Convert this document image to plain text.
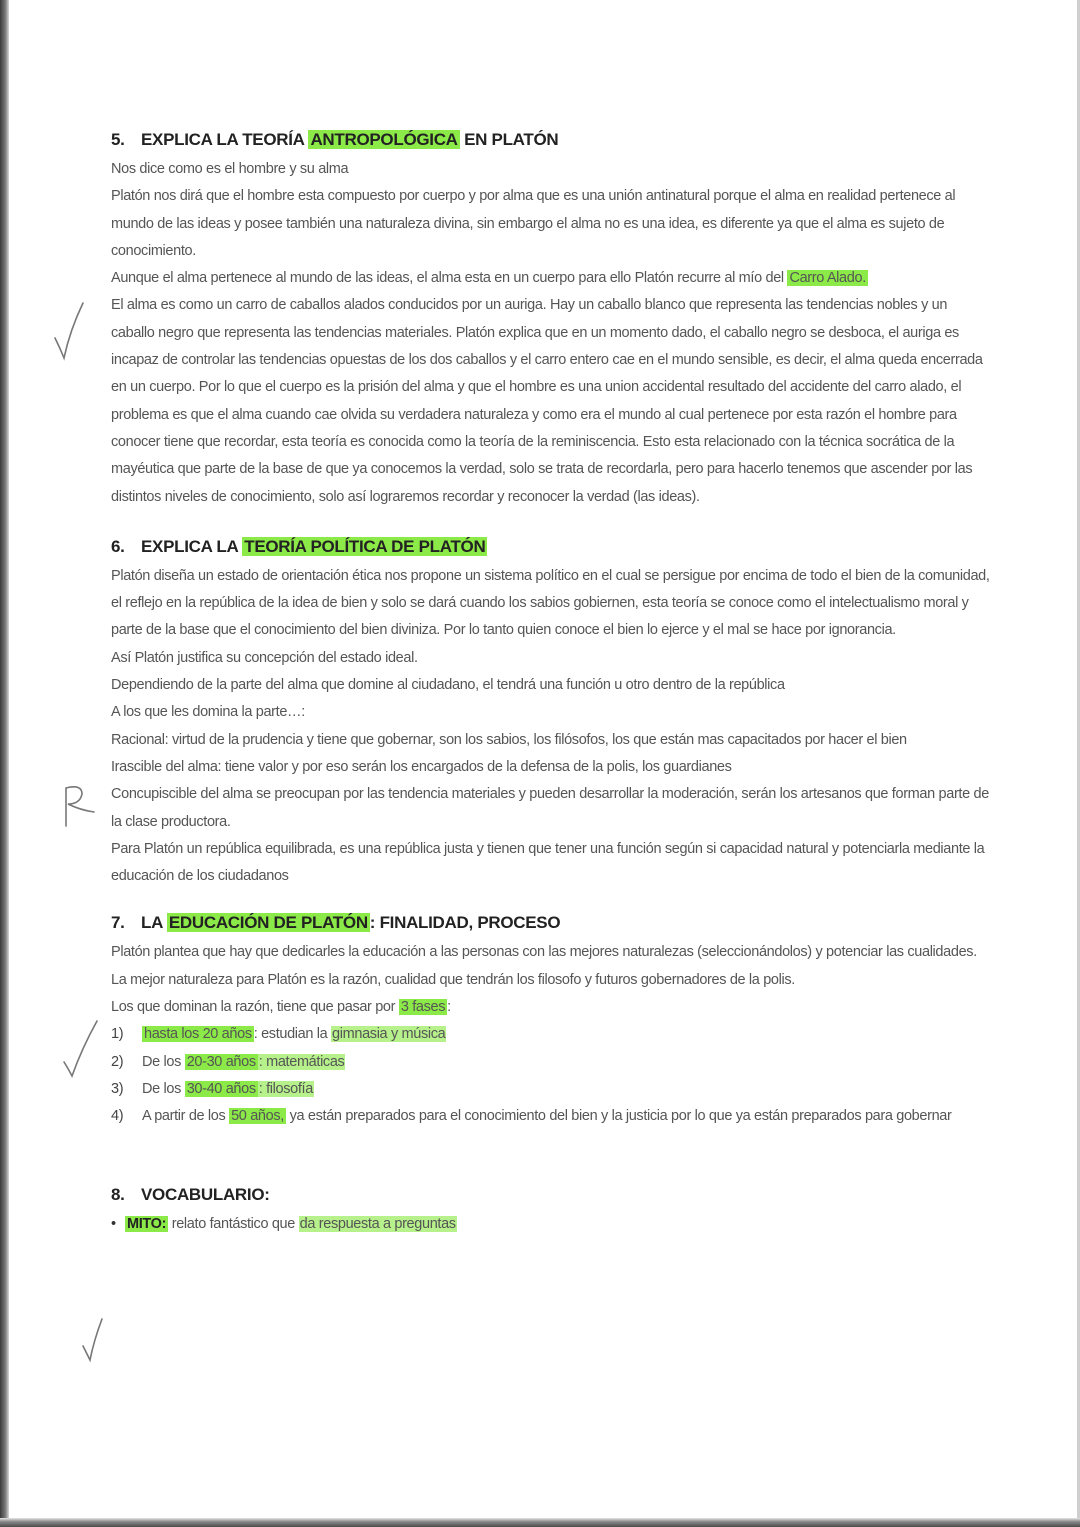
5. EXPLICA LA TEORÍA ANTROPOLÓGICA EN PLATÓN

Nos dice como es el hombre y su alma

Platón nos dirá que el hombre esta compuesto por cuerpo y por alma que es una unión antinatural porque el alma en realidad pertenece al mundo de las ideas y posee también una naturaleza divina, sin embargo el alma no es una idea, es diferente ya que el alma es sujeto de conocimiento.

Aunque el alma pertenece al mundo de las ideas, el alma esta en un cuerpo para ello Platón recurre al mío del Carro Alado.

El alma es como un carro de caballos alados conducidos por un auriga. Hay un caballo blanco que representa las tendencias nobles y un caballo negro que representa las tendencias materiales. Platón explica que en un momento dado, el caballo negro se desboca, el auriga es incapaz de controlar las tendencias opuestas de los dos caballos y el carro entero cae en el mundo sensible, es decir, el alma queda encerrada en un cuerpo. Por lo que el cuerpo es la prisión del alma y que el hombre es una union accidental resultado del accidente del carro alado, el problema es que el alma cuando cae olvida su verdadera naturaleza y como era el mundo al cual pertenece por esta razón el hombre para conocer tiene que recordar, esta teoría es conocida como la teoría de la reminiscencia. Esto esta relacionado con la técnica socrática de la mayéutica que parte de la base de que ya conocemos la verdad, solo se trata de recordarla, pero para hacerlo tenemos que ascender por las distintos niveles de conocimiento, solo así lograremos recordar y reconocer la verdad (las ideas).

6. EXPLICA LA TEORÍA POLÍTICA DE PLATÓN

Platón diseña un estado de orientación ética nos propone un sistema político en el cual se persigue por encima de todo el bien de la comunidad, el reflejo en la república de la idea de bien y solo se dará cuando los sabios gobiernen, esta teoría se conoce como el intelectualismo moral y parte de la base que el conocimiento del bien diviniza. Por lo tanto quien conoce el bien lo ejerce y el mal se hace por ignorancia.

Así Platón justifica su concepción del estado ideal.

Dependiendo de la parte del alma que domine al ciudadano, el tendrá una función u otro dentro de la república

A los que les domina la parte…:

Racional: virtud de la prudencia y tiene que gobernar, son los sabios, los filósofos, los que están mas capacitados por hacer el bien

Irascible del alma: tiene valor y por eso serán los encargados de la defensa de la polis, los guardianes

Concupiscible del alma se preocupan por las tendencia materiales y pueden desarrollar la moderación, serán los artesanos que forman parte de la clase productora.

Para Platón un república equilibrada, es una república justa y tienen que tener una función según si capacidad natural y potenciarla mediante la educación de los ciudadanos

7. LA EDUCACIÓN DE PLATÓN : FINALIDAD, PROCESO

Platón plantea que hay que dedicarles la educación a las personas con las mejores naturalezas (seleccionándolos) y potenciar las cualidades. La mejor naturaleza para Platón es la razón, cualidad que tendrán los filosofo y futuros gobernadores de la polis.

Los que dominan la razón, tiene que pasar por 3 fases :

1) hasta los 20 años : estudian la gimnasia y música
2) De los 20-30 años : matemáticas
3) De los 30-40 años : filosofía
4) A partir de los 50 años, ya están preparados para el conocimiento del bien y la justicia por lo que ya están preparados para gobernar
8. VOCABULARIO:
• MITO: relato fantástico que da respuesta a preguntas
